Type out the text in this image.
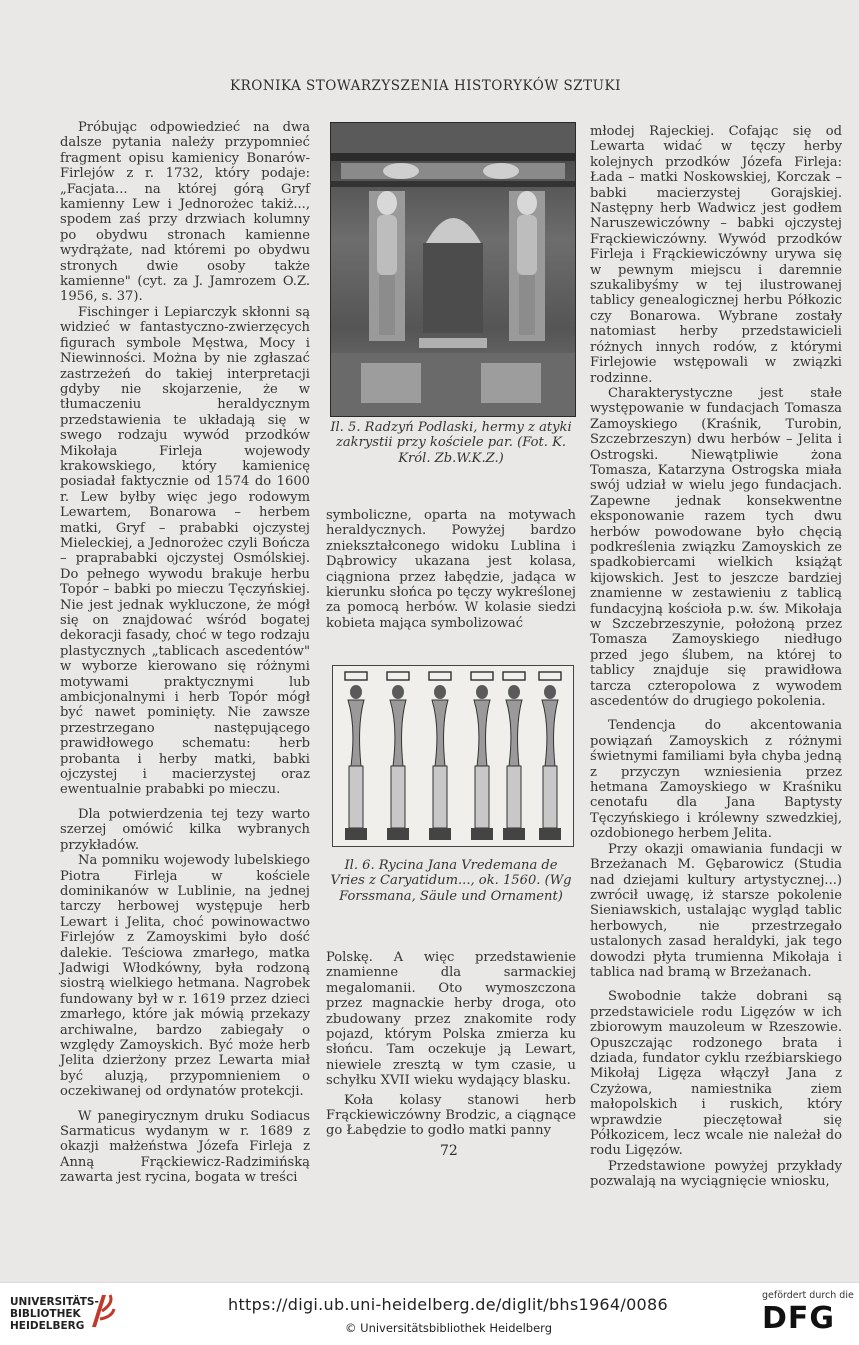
KRONIKA STOWARZYSZENIA HISTORYKÓW SZTUKI

Próbując odpowiedzieć na dwa dalsze pytania należy przypomnieć fragment opisu kamienicy Bonarów-Firlejów z r. 1732, który podaje: „Facjata... na której górą Gryf kamienny Lew i Jednorożec takiż..., spodem zaś przy drzwiach kolumny po obydwu stronach kamienne wydrążate, nad któremi po obydwu stronych dwie osoby także kamienne" (cyt. za J. Jamrozem O.Z. 1956, s. 37).

Fischinger i Lepiarczyk skłonni są widzieć w fantastyczno-zwierzęcych figurach symbole Męstwa, Mocy i Niewinności. Można by nie zgłaszać zastrzeżeń do takiej interpretacji gdyby nie skojarzenie, że w tłumaczeniu heraldycznym przedstawienia te układają się w swego rodzaju wywód przodków Mikołaja Firleja wojewody krakowskiego, który kamienicę posiadał faktycznie od 1574 do 1600 r. Lew byłby więc jego rodowym Lewartem, Bonarowa – herbem matki, Gryf – prababki ojczystej Mieleckiej, a Jednorożec czyli Bończa – praprababki ojczystej Osmólskiej. Do pełnego wywodu brakuje herbu Topór – babki po mieczu Tęczyńskiej. Nie jest jednak wykluczone, że mógł się on znajdować wśród bogatej dekoracji fasady, choć w tego rodzaju plastycznych „tablicach ascedentów" w wyborze kierowano się różnymi motywami praktycznymi lub ambicjonalnymi i herb Topór mógł być nawet pominięty. Nie zawsze przestrzegano następującego prawidłowego schematu: herb probanta i herby matki, babki ojczystej i macierzystej oraz ewentualnie prababki po mieczu.

Dla potwierdzenia tej tezy warto szerzej omówić kilka wybranych przykładów.

Na pomniku wojewody lubelskiego Piotra Firleja w kościele dominikanów w Lublinie, na jednej tarczy herbowej występuje herb Lewart i Jelita, choć powinowactwo Firlejów z Zamoyskimi było dość dalekie. Teściowa zmarłego, matka Jadwigi Włodkówny, była rodzoną siostrą wielkiego hetmana. Nagrobek fundowany był w r. 1619 przez dzieci zmarłego, które jak mówią przekazy archiwalne, bardzo zabiegały o względy Zamoyskich. Być może herb Jelita dzierżony przez Lewarta miał być aluzją, przypomnieniem o oczekiwanej od ordynatów protekcji.

W panegirycznym druku Sodiacus Sarmaticus wydanym w r. 1689 z okazji małżeństwa Józefa Firleja z Anną Frąckiewicz-Radzimińską zawarta jest rycina, bogata w treści

Il. 5. Radzyń Podlaski, hermy z atyki zakrystii przy kościele par. (Fot. K. Król. Zb.W.K.Z.)

symboliczne, oparta na motywach heraldycznych. Powyżej bardzo zniekształconego widoku Lublina i Dąbrowicy ukazana jest kolasa, ciągniona przez łabędzie, jadąca w kierunku słońca po tęczy wykreślonej za pomocą herbów. W kolasie siedzi kobieta mająca symbolizować

Il. 6. Rycina Jana Vredemana de Vries z Caryatidum..., ok. 1560. (Wg Forssmana, Säule und Ornament)

Polskę. A więc przedstawienie znamienne dla sarmackiej megalomanii. Oto wymoszczona przez magnackie herby droga, oto zbudowany przez znakomite rody pojazd, którym Polska zmierza ku słońcu. Tam oczekuje ją Lewart, niewiele zresztą w tym czasie, u schyłku XVII wieku wydający blasku.

Koła kolasy stanowi herb Frąckiewiczówny Brodzic, a ciągnące go Łabędzie to godło matki panny

młodej Rajeckiej. Cofając się od Lewarta widać w tęczy herby kolejnych przodków Józefa Firleja: Łada – matki Noskowskiej, Korczak – babki macierzystej Gorajskiej. Następny herb Wadwicz jest godłem Naruszewiczówny – babki ojczystej Frąckiewiczówny. Wywód przodków Firleja i Frąckiewiczówny urywa się w pewnym miejscu i daremnie szukalibyśmy w tej ilustrowanej tablicy genealogicznej herbu Półkozic czy Bonarowa. Wybrane zostały natomiast herby przedstawicieli różnych innych rodów, z którymi Firlejowie wstępowali w związki rodzinne.

Charakterystyczne jest stałe występowanie w fundacjach Tomasza Zamoyskiego (Kraśnik, Turobin, Szczebrzeszyn) dwu herbów – Jelita i Ostrogski. Niewątpliwie żona Tomasza, Katarzyna Ostrogska miała swój udział w wielu jego fundacjach. Zapewne jednak konsekwentne eksponowanie razem tych dwu herbów powodowane było chęcią podkreślenia związku Zamoyskich ze spadkobiercami wielkich książąt kijowskich. Jest to jeszcze bardziej znamienne w zestawieniu z tablicą fundacyjną kościoła p.w. św. Mikołaja w Szczebrzeszynie, położoną przez Tomasza Zamoyskiego niedługo przed jego ślubem, na której to tablicy znajduje się prawidłowa tarcza czteropolowa z wywodem ascedentów do drugiego pokolenia.

Tendencja do akcentowania powiązań Zamoyskich z różnymi świetnymi familiami była chyba jedną z przyczyn wzniesienia przez hetmana Zamoyskiego w Kraśniku cenotafu dla Jana Baptysty Tęczyńskiego i królewny szwedzkiej, ozdobionego herbem Jelita.

Przy okazji omawiania fundacji w Brzeżanach M. Gębarowicz (Studia nad dziejami kultury artystycznej...) zwrócił uwagę, iż starsze pokolenie Sieniawskich, ustalając wygląd tablic herbowych, nie przestrzegało ustalonych zasad heraldyki, jak tego dowodzi płyta trumienna Mikołaja i tablica nad bramą w Brzeżanach.

Swobodnie także dobrani są przedstawiciele rodu Ligęzów w ich zbiorowym mauzoleum w Rzeszowie. Opuszczając rodzonego brata i dziada, fundator cyklu rzeźbiarskiego Mikołaj Ligęza włączył Jana z Czyżowa, namiestnika ziem małopolskich i ruskich, który wprawdzie pieczętował się Półkozicem, lecz wcale nie należał do rodu Ligęzów.

Przedstawione powyżej przykłady pozwalają na wyciągnięcie wniosku,

72
UNIVERSITÄTS-
BIBLIOTHEK
HEIDELBERG
https://digi.ub.uni-heidelberg.de/diglit/bhs1964/0086
© Universitätsbibliothek Heidelberg
gefördert durch die
DFG
